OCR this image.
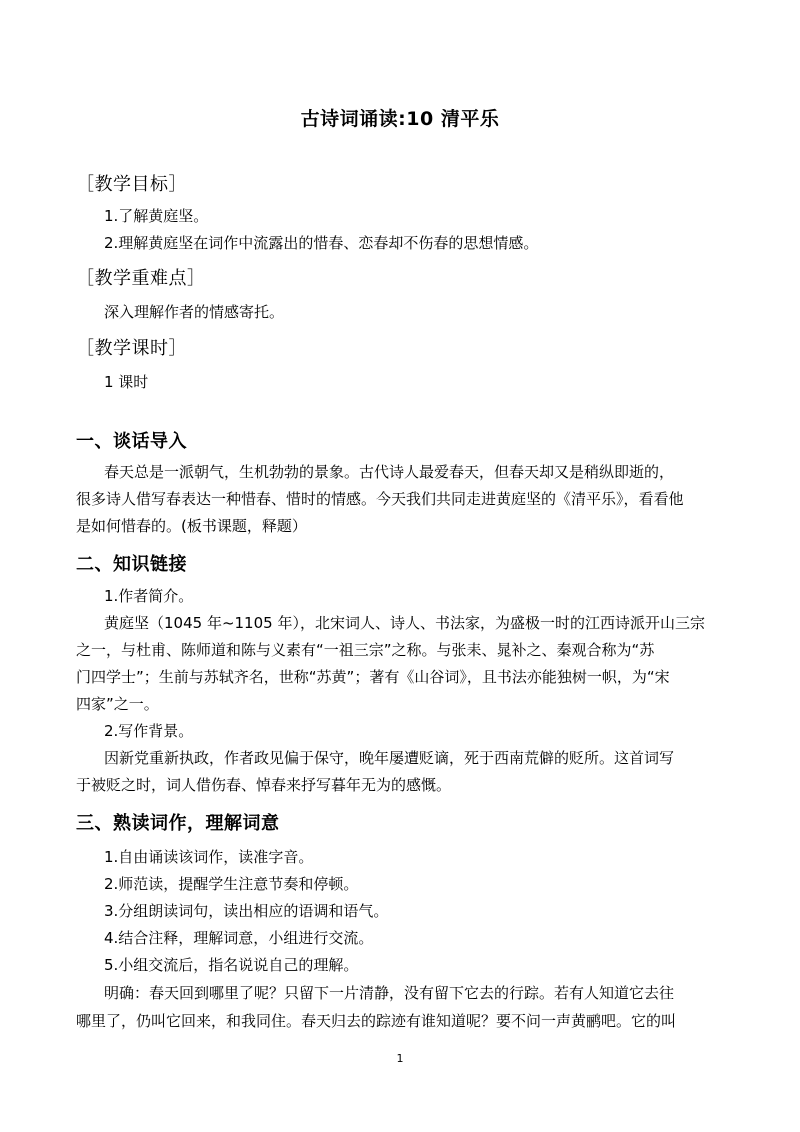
古诗词诵读:10 清平乐
［教学目标］
1.了解黄庭坚。
2.理解黄庭坚在词作中流露出的惜春、恋春却不伤春的思想情感。
［教学重难点］
深入理解作者的情感寄托。
［教学课时］
1 课时
一、谈话导入
春天总是一派朝气，生机勃勃的景象。古代诗人最爱春天，但春天却又是稍纵即逝的，
很多诗人借写春表达一种惜春、惜时的情感。今天我们共同走进黄庭坚的《清平乐》，看看他
是如何惜春的。(板书课题，释题）
二、知识链接
1.作者简介。
黄庭坚（1045 年~1105 年），北宋词人、诗人、书法家，为盛极一时的江西诗派开山三宗
之一，与杜甫、陈师道和陈与义素有“一祖三宗”之称。与张耒、晁补之、秦观合称为“苏
门四学士”；生前与苏轼齐名，世称“苏黄”；著有《山谷词》，且书法亦能独树一帜，为“宋
四家”之一。
2.写作背景。
因新党重新执政，作者政见偏于保守，晚年屡遭贬谪，死于西南荒僻的贬所。这首词写
于被贬之时，词人借伤春、悼春来抒写暮年无为的感慨。
三、熟读词作，理解词意
1.自由诵读该词作，读准字音。
2.师范读，提醒学生注意节奏和停顿。
3.分组朗读词句，读出相应的语调和语气。
4.结合注释，理解词意，小组进行交流。
5.小组交流后，指名说说自己的理解。
明确：春天回到哪里了呢？只留下一片清静，没有留下它去的行踪。若有人知道它去往
哪里了，仍叫它回来，和我同住。春天归去的踪迹有谁知道呢？要不问一声黄鹂吧。它的叫
1
